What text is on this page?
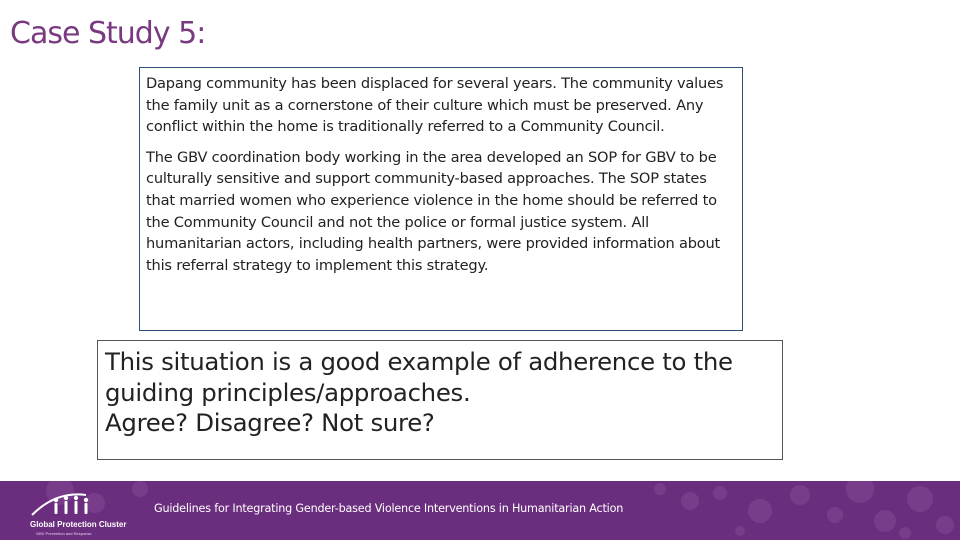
Case Study 5:

Dapang community has been displaced for several years. The community values the family unit as a cornerstone of their culture which must be preserved. Any conflict within the home is traditionally referred to a Community Council.

The GBV coordination body working in the area developed an SOP for GBV to be culturally sensitive and support community-based approaches. The SOP states that married women who experience violence in the home should be referred to the Community Council and not the police or formal justice system. All humanitarian actors, including health partners, were provided information about this referral strategy to implement this strategy.

This situation is a good example of adherence to the
guiding principles/approaches.
Agree? Disagree? Not sure?
Global Protection Cluster
GBV Prevention and Response
Guidelines for Integrating Gender-based Violence Interventions in Humanitarian Action
